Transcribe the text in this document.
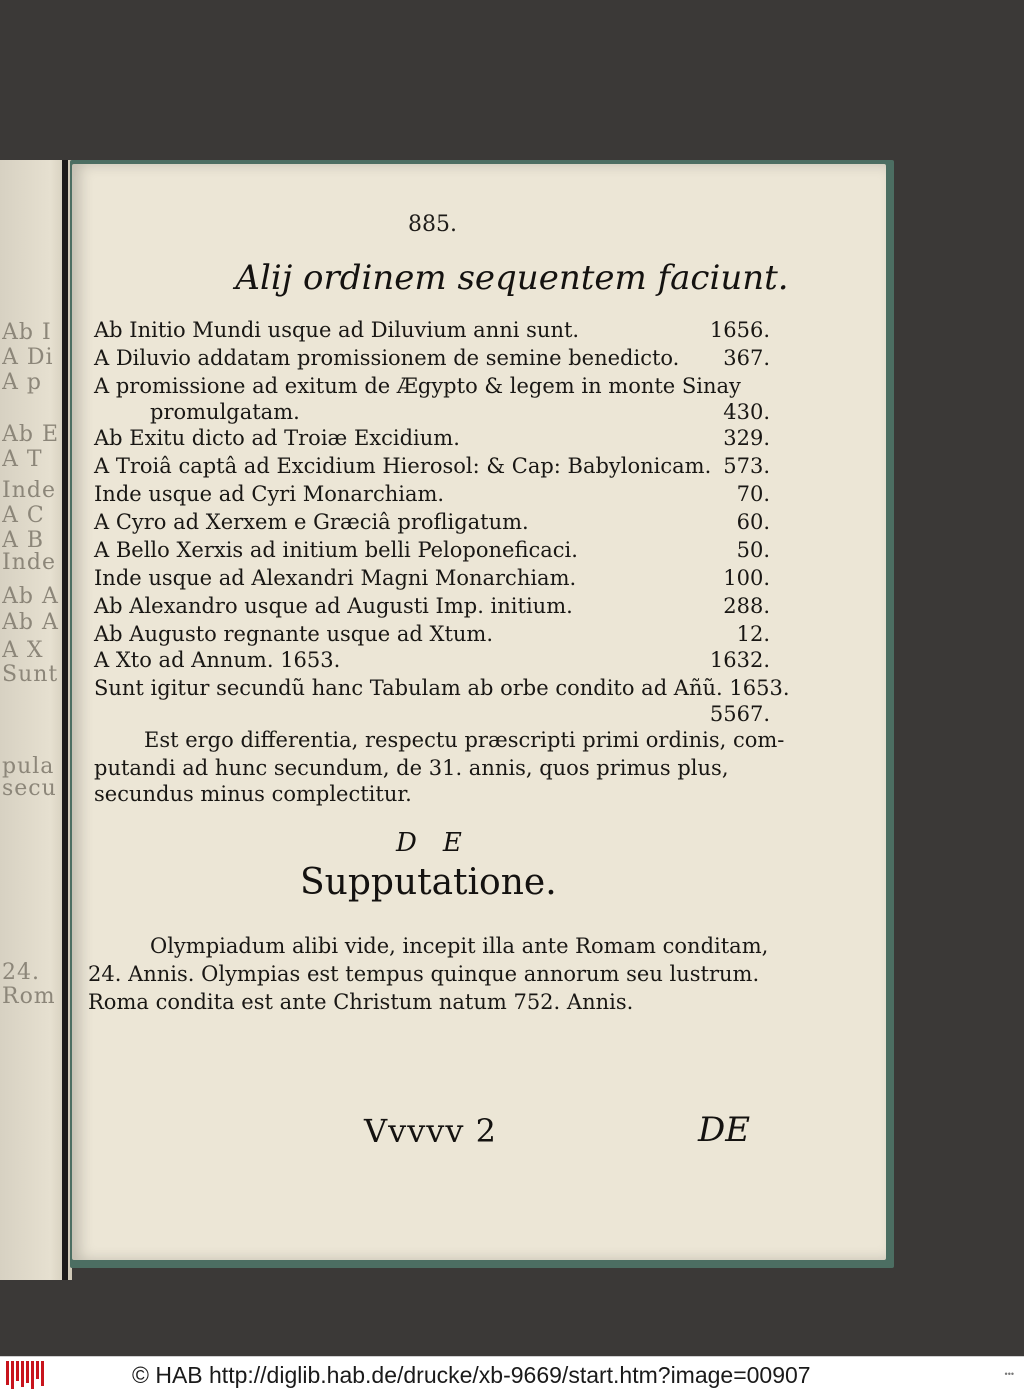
Ab I
A Di
A p
Ab E
A T
Inde
A C
A B
Inde
Ab A
Ab A
A X
Sunt
pula
secu
24.
Rom
885.
Alij ordinem sequentem faciunt.
Ab Initio Mundi usque ad Diluvium anni sunt.	1656.
A Diluvio addatam promissionem de semine benedicto. 367.
A promissione ad exitum de Ægypto & legem in monte Sinay
promulgatam.	430.
Ab Exitu dicto ad Troiæ Excidium.	329.
A Troiâ captâ ad Excidium Hierosol: & Cap: Babylonicam. 573.
Inde usque ad Cyri Monarchiam.	70.
A Cyro ad Xerxem e Græciâ profligatum.	60.
A Bello Xerxis ad initium belli Peloponeficaci.	50.
Inde usque ad Alexandri Magni Monarchiam.	100.
Ab Alexandro usque ad Augusti Imp. initium.	288.
Ab Augusto regnante usque ad Xtum.	12.
A Xto ad Annum. 1653.	1632.
Sunt igitur secundũ hanc Tabulam ab orbe condito ad Añũ. 1653.
5567.
Est ergo differentia, respectu præscripti primi ordinis, com-
putandi ad hunc secundum, de 31. annis, quos primus plus,
secundus minus complectitur.
DE
Supputatione.
Olympiadum alibi vide, incepit illa ante Romam conditam,
24. Annis. Olympias est tempus quinque annorum seu lustrum.
Roma condita est ante Christum natum 752. Annis.
Vvvvv 2	DE
© HAB http://diglib.hab.de/drucke/xb-9669/start.htm?image=00907	•••
